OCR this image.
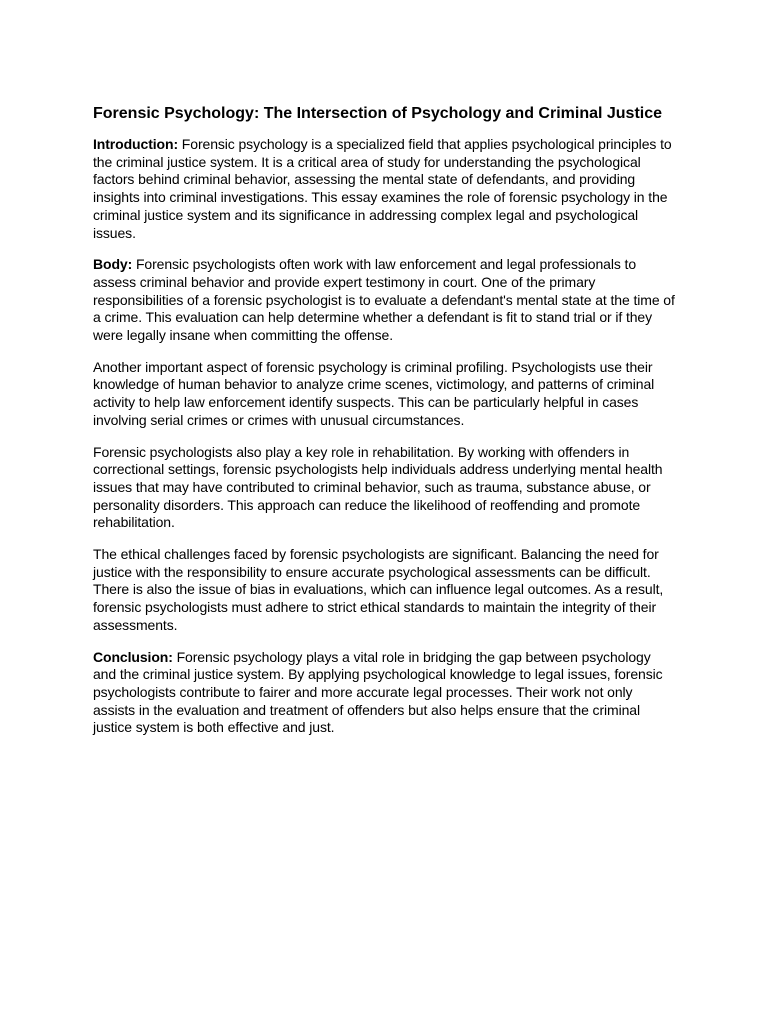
Forensic Psychology: The Intersection of Psychology and Criminal Justice

Introduction: Forensic psychology is a specialized field that applies psychological principles to the criminal justice system. It is a critical area of study for understanding the psychological factors behind criminal behavior, assessing the mental state of defendants, and providing insights into criminal investigations. This essay examines the role of forensic psychology in the criminal justice system and its significance in addressing complex legal and psychological issues.

Body: Forensic psychologists often work with law enforcement and legal professionals to assess criminal behavior and provide expert testimony in court. One of the primary responsibilities of a forensic psychologist is to evaluate a defendant's mental state at the time of a crime. This evaluation can help determine whether a defendant is fit to stand trial or if they were legally insane when committing the offense.

Another important aspect of forensic psychology is criminal profiling. Psychologists use their knowledge of human behavior to analyze crime scenes, victimology, and patterns of criminal activity to help law enforcement identify suspects. This can be particularly helpful in cases involving serial crimes or crimes with unusual circumstances.

Forensic psychologists also play a key role in rehabilitation. By working with offenders in correctional settings, forensic psychologists help individuals address underlying mental health issues that may have contributed to criminal behavior, such as trauma, substance abuse, or personality disorders. This approach can reduce the likelihood of reoffending and promote rehabilitation.

The ethical challenges faced by forensic psychologists are significant. Balancing the need for justice with the responsibility to ensure accurate psychological assessments can be difficult. There is also the issue of bias in evaluations, which can influence legal outcomes. As a result, forensic psychologists must adhere to strict ethical standards to maintain the integrity of their assessments.

Conclusion: Forensic psychology plays a vital role in bridging the gap between psychology and the criminal justice system. By applying psychological knowledge to legal issues, forensic psychologists contribute to fairer and more accurate legal processes. Their work not only assists in the evaluation and treatment of offenders but also helps ensure that the criminal justice system is both effective and just.
